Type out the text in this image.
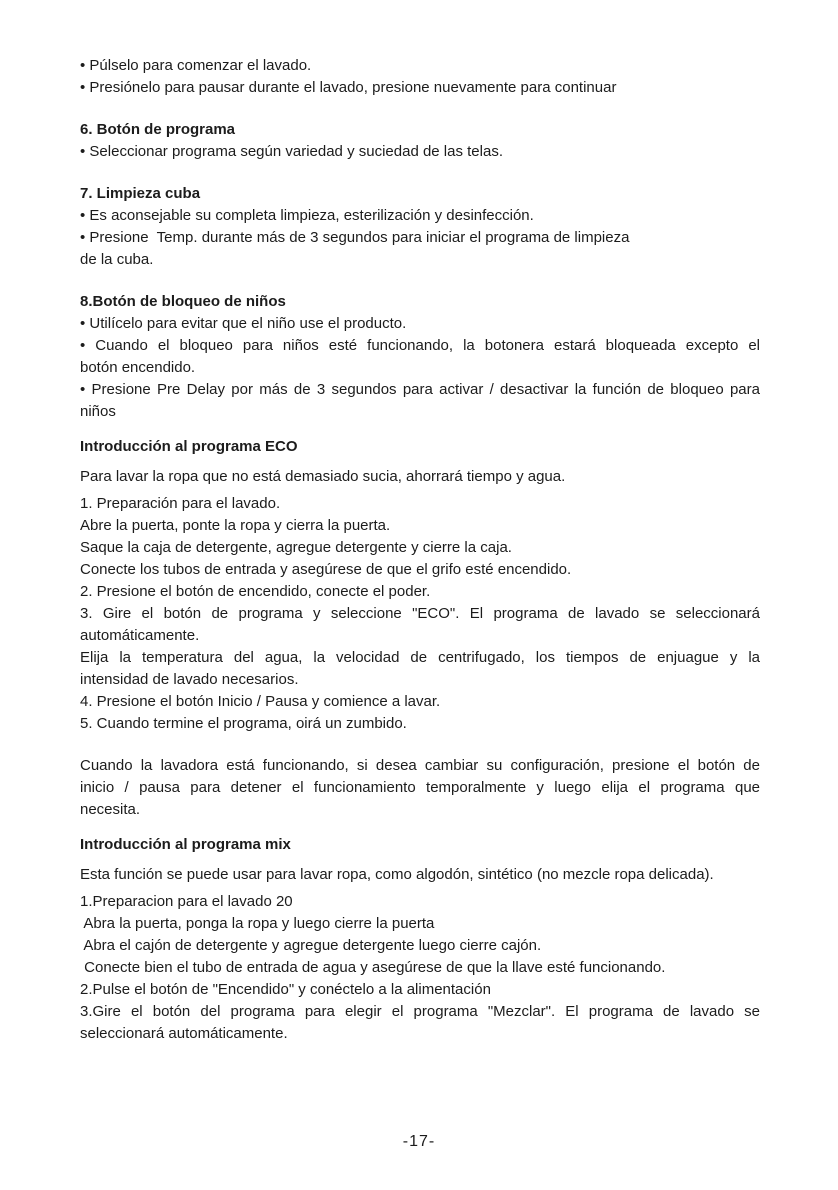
• Púlselo para comenzar el lavado.
• Presiónelo para pausar durante el lavado, presione nuevamente para continuar
6. Botón de programa
• Seleccionar programa según variedad y suciedad de las telas.
7. Limpieza cuba
• Es aconsejable su completa limpieza, esterilización y desinfección.
• Presione  Temp. durante más de 3 segundos para iniciar el programa de limpieza
de la cuba.
8.Botón de bloqueo de niños
• Utilícelo para evitar que el niño use el producto.
• Cuando el bloqueo para niños esté funcionando, la botonera estará bloqueada excepto el
botón encendido.
• Presione Pre Delay por más de 3 segundos para activar / desactivar la función de bloqueo para
niños
Introducción al programa ECO
Para lavar la ropa que no está demasiado sucia, ahorrará tiempo y agua.
1. Preparación para el lavado.
Abre la puerta, ponte la ropa y cierra la puerta.
Saque la caja de detergente, agregue detergente y cierre la caja.
Conecte los tubos de entrada y asegúrese de que el grifo esté encendido.
2. Presione el botón de encendido, conecte el poder.
3. Gire el botón de programa y seleccione "ECO". El programa de lavado se seleccionará
automáticamente.
Elija la temperatura del agua, la velocidad de centrifugado, los tiempos de enjuague y la
intensidad de lavado necesarios.
4. Presione el botón Inicio / Pausa y comience a lavar.
5. Cuando termine el programa, oirá un zumbido.
Cuando la lavadora está funcionando, si desea cambiar su configuración, presione el botón de
inicio / pausa para detener el funcionamiento temporalmente y luego elija el programa que
necesita.
Introducción al programa mix
Esta función se puede usar para lavar ropa, como algodón, sintético (no mezcle ropa delicada).
1.Preparacion para el lavado 20
Abra la puerta, ponga la ropa y luego cierre la puerta
Abra el cajón de detergente y agregue detergente luego cierre cajón.
Conecte bien el tubo de entrada de agua y asegúrese de que la llave esté funcionando.
2.Pulse el botón de "Encendido" y conéctelo a la alimentación
3.Gire el botón del programa para elegir el programa "Mezclar". El programa de lavado se
seleccionará automáticamente.
-17-
